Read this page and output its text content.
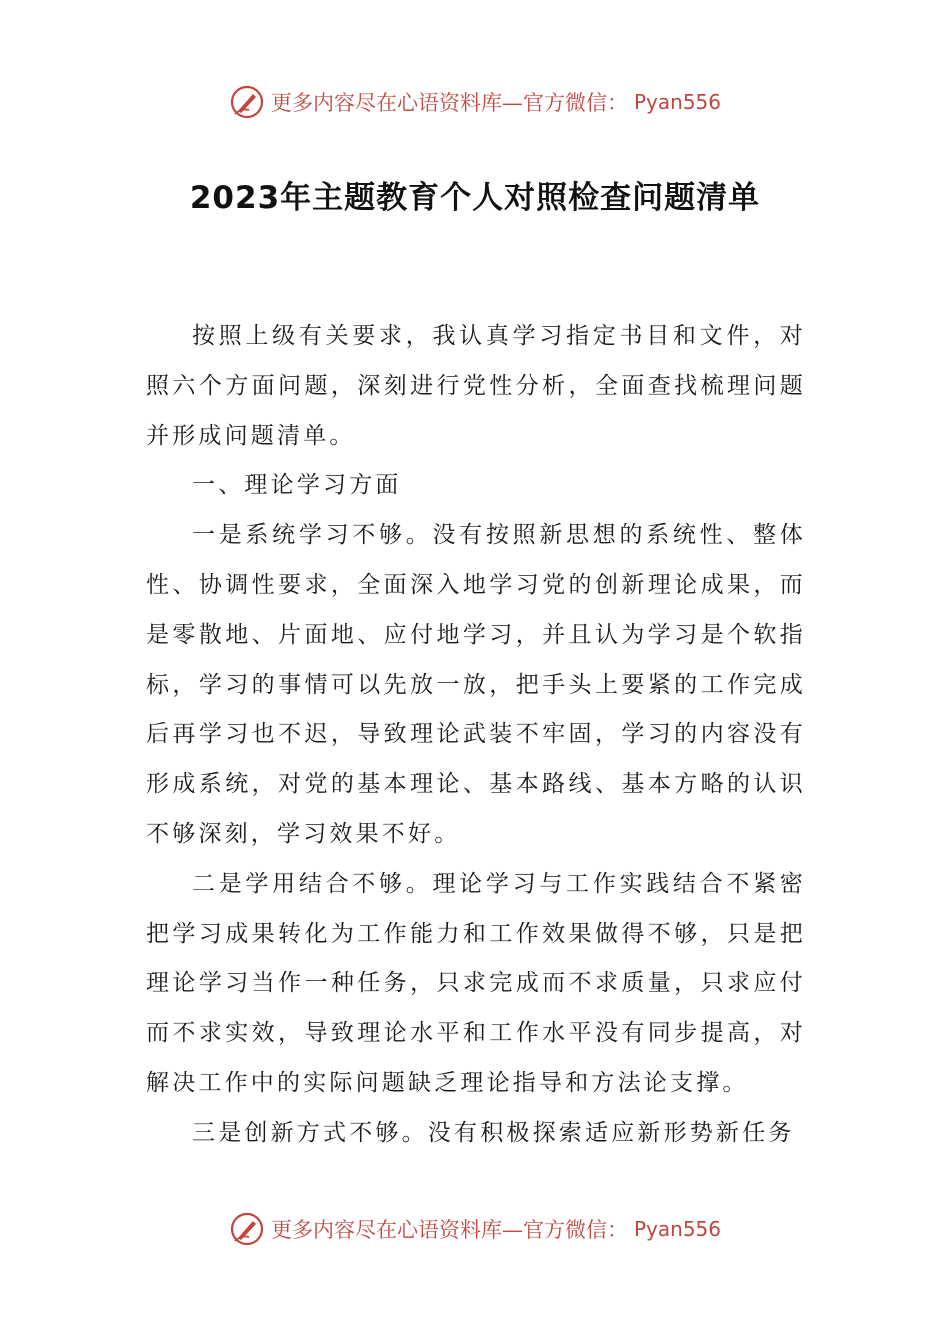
更多内容尽在心语资料库—官方微信： Pyan556
2023年主题教育个人对照检查问题清单

按照上级有关要求，我认真学习指定书目和文件，对照六个方面问题，深刻进行党性分析，全面查找梳理问题并形成问题清单。

一、理论学习方面

一是系统学习不够。没有按照新思想的系统性、整体性、协调性要求，全面深入地学习党的创新理论成果，而是零散地、片面地、应付地学习，并且认为学习是个软指标，学习的事情可以先放一放，把手头上要紧的工作完成后再学习也不迟，导致理论武装不牢固，学习的内容没有形成系统，对党的基本理论、基本路线、基本方略的认识不够深刻，学习效果不好。

二是学用结合不够。理论学习与工作实践结合不紧密把学习成果转化为工作能力和工作效果做得不够，只是把理论学习当作一种任务，只求完成而不求质量，只求应付而不求实效，导致理论水平和工作水平没有同步提高，对解决工作中的实际问题缺乏理论指导和方法论支撑。

三是创新方式不够。没有积极探索适应新形势新任务

更多内容尽在心语资料库—官方微信： Pyan556
